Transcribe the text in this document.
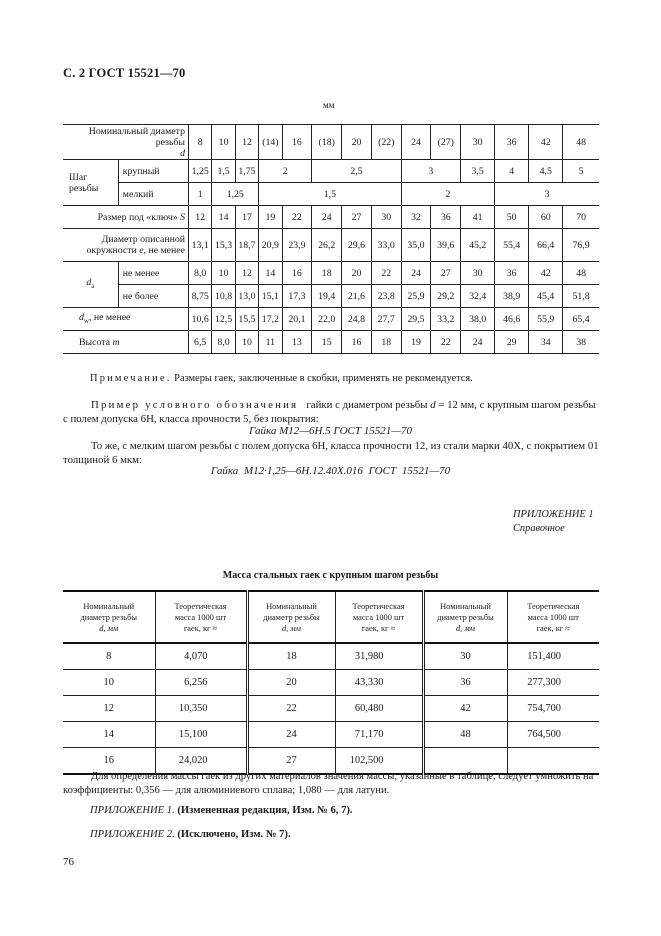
С. 2 ГОСТ 15521—70
мм
Номинальный диаметр резьбы
d		8	10	12	(14)	16	(18)	20	(22)	24	(27)	30	36	42	48
Шаг резьбы	крупный	1,25	1,5	1,75	2		2,5			3		3,5	4	4,5	5
	мелкий	1	1,25		1,5					2			3		
Размер под «ключ» S		12	14	17	19	22	24	27	30	32	36	41	50	60	70
Диаметр описанной
окружности e, не менее		13,1	15,3	18,7	20,9	23,9	26,2	29,6	33,0	35,0	39,6	45,2	55,4	66,4	76,9
$d_a$	не менее	8,0	10	12	14	16	18	20	22	24	27	30	36	42	48
	не более	8,75	10,8	13,0	15,1	17,3	19,4	21,6	23,8	25,9	29,2	32,4	38,9	45,4	51,8
$d_w$, не менее		10,6	12,5	15,5	17,2	20,1	22,0	24,8	27,7	29,5	33,2	38,0	46,6	55,9	65,4
Высота m		6,5	8,0	10	11	13	15	16	18	19	22	24	29	34	38
Примечание. Размеры гаек, заключенные в скобки, применять не рекомендуется.
Пример условного обозначения гайки с диаметром резьбы d = 12 мм, с крупным шагом резьбы с полем допуска 6H, класса прочности 5, без покрытия:
Гайка М12—6Н.5 ГОСТ 15521—70
То же, с мелким шагом резьбы с полем допуска 6H, класса прочности 12, из стали марки 40Х, с покрытием 01 толщиной 6 мкм:
Гайка М12·1,25—6Н.12.40Х.016 ГОСТ 15521—70
ПРИЛОЖЕНИЕ 1
Справочное
Масса стальных гаек с крупным шагом резьбы
Номинальный
диаметр резьбы
d, мм	Теоретическая
масса 1000 шт
гаек, кг ≈	Номинальный
диаметр резьбы
d, мм	Теоретическая
масса 1000 шт
гаек, кг ≈	Номинальный
диаметр резьбы
d, мм	Теоретическая
масса 1000 шт
гаек, кг ≈
8	4,070	18	31,980	30	151,400
10	6,256	20	43,330	36	277,300
12	10,350	22	60,480	42	754,700
14	15,100	24	71,170	48	764,500
16	24,020	27	102,500		
Для определения массы гаек из других материалов значения массы, указанные в таблице, следует умножить на коэффициенты: 0,356 — для алюминиевого сплава; 1,080 — для латуни.
ПРИЛОЖЕНИЕ 1. (Измененная редакция, Изм. № 6, 7).
ПРИЛОЖЕНИЕ 2. (Исключено, Изм. № 7).
76
